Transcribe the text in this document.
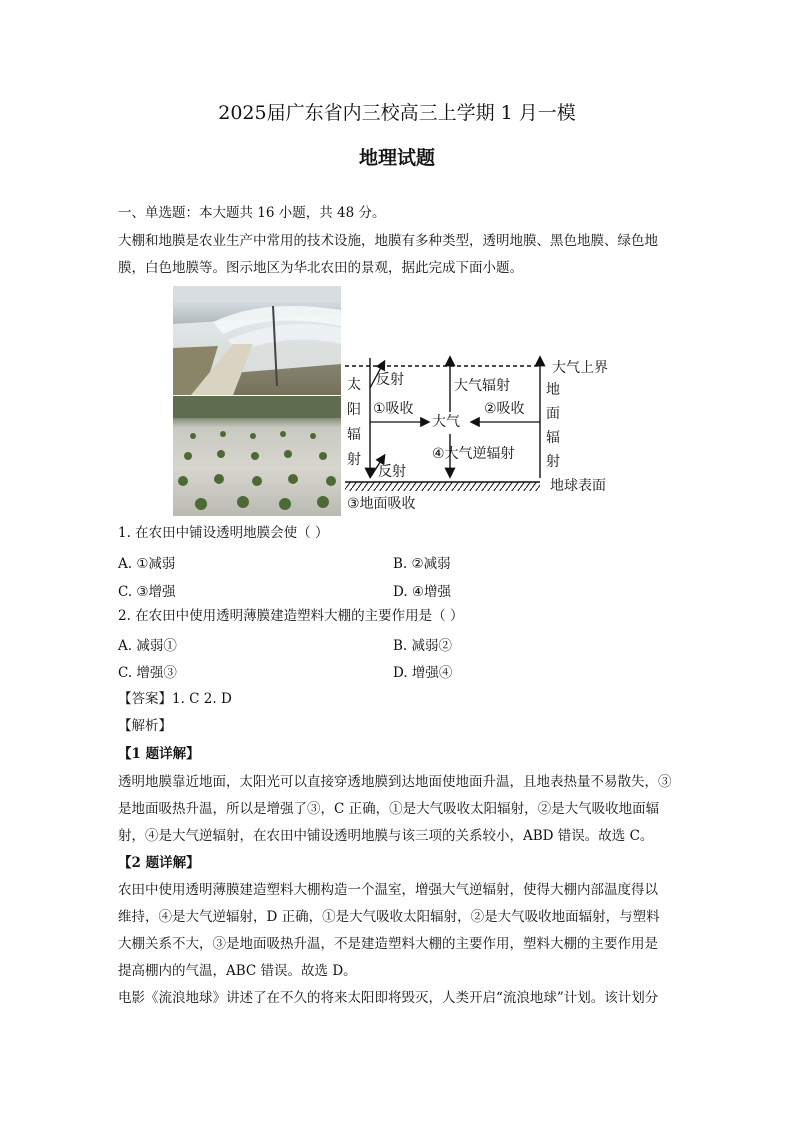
2025届广东省内三校高三上学期 1 月一模
地理试题
一、单选题：本大题共 16 小题，共 48 分。
大棚和地膜是农业生产中常用的技术设施，地膜有多种类型，透明地膜、黑色地膜、绿色地
膜，白色地膜等。图示地区为华北农田的景观，据此完成下面小题。
大气上界
太
阳
辐
射
反射
①吸收
大气辐射
②吸收
大气
地
面
辐
射
④大气逆辐射
反射
地球表面
③地面吸收
1. 在农田中铺设透明地膜会使（ ）
A. ①减弱	B. ②减弱
C. ③增强	D. ④增强
2. 在农田中使用透明薄膜建造塑料大棚的主要作用是（ ）
A. 减弱①	B. 减弱②
C. 增强③	D. 增强④
【答案】1. C 2. D
【解析】
【1 题详解】
透明地膜靠近地面，太阳光可以直接穿透地膜到达地面使地面升温，且地表热量不易散失，③
是地面吸热升温，所以是增强了③，C 正确，①是大气吸收太阳辐射，②是大气吸收地面辐
射，④是大气逆辐射，在农田中铺设透明地膜与该三项的关系较小，ABD 错误。故选 C。
【2 题详解】
农田中使用透明薄膜建造塑料大棚构造一个温室，增强大气逆辐射，使得大棚内部温度得以
维持，④是大气逆辐射，D 正确，①是大气吸收太阳辐射，②是大气吸收地面辐射，与塑料
大棚关系不大，③是地面吸热升温，不是建造塑料大棚的主要作用，塑料大棚的主要作用是
提高棚内的气温，ABC 错误。故选 D。
电影《流浪地球》讲述了在不久的将来太阳即将毁灭，人类开启“流浪地球”计划。该计划分
